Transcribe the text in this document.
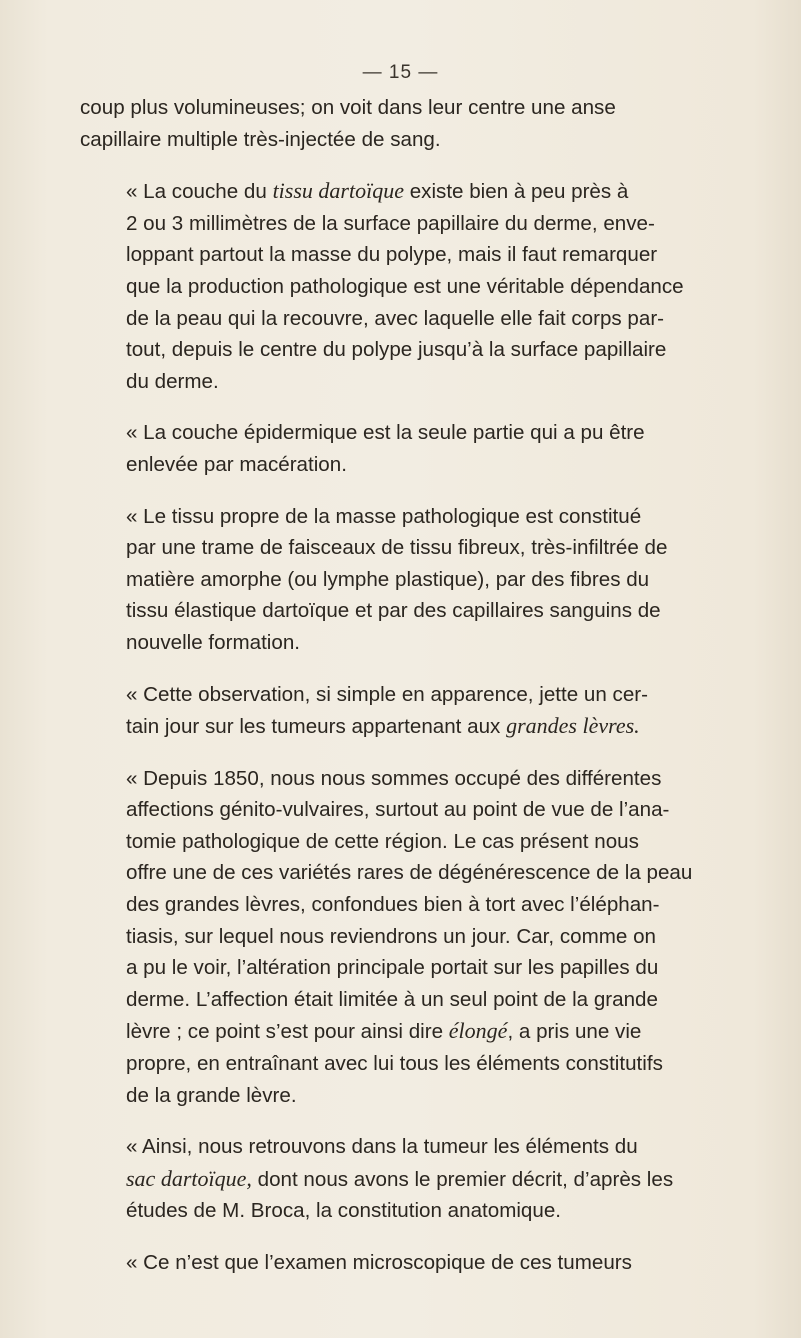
— 15 —

coup plus volumineuses; on voit dans leur centre une anse
capillaire multiple très-injectée de sang.

« La couche du tissu dartoïque existe bien à peu près à
2 ou 3 millimètres de la surface papillaire du derme, enve-
loppant partout la masse du polype, mais il faut remarquer
que la production pathologique est une véritable dépendance
de la peau qui la recouvre, avec laquelle elle fait corps par-
tout, depuis le centre du polype jusqu’à la surface papillaire
du derme.

« La couche épidermique est la seule partie qui a pu être
enlevée par macération.

« Le tissu propre de la masse pathologique est constitué
par une trame de faisceaux de tissu fibreux, très-infiltrée de
matière amorphe (ou lymphe plastique), par des fibres du
tissu élastique dartoïque et par des capillaires sanguins de
nouvelle formation.

« Cette observation, si simple en apparence, jette un cer-
tain jour sur les tumeurs appartenant aux grandes lèvres.

« Depuis 1850, nous nous sommes occupé des différentes
affections génito-vulvaires, surtout au point de vue de l’ana-
tomie pathologique de cette région. Le cas présent nous
offre une de ces variétés rares de dégénérescence de la peau
des grandes lèvres, confondues bien à tort avec l’éléphan-
tiasis, sur lequel nous reviendrons un jour. Car, comme on
a pu le voir, l’altération principale portait sur les papilles du
derme. L’affection était limitée à un seul point de la grande
lèvre ; ce point s’est pour ainsi dire élongé, a pris une vie
propre, en entraînant avec lui tous les éléments constitutifs
de la grande lèvre.

« Ainsi, nous retrouvons dans la tumeur les éléments du
sac dartoïque, dont nous avons le premier décrit, d’après les
études de M. Broca, la constitution anatomique.

« Ce n’est que l’examen microscopique de ces tumeurs
